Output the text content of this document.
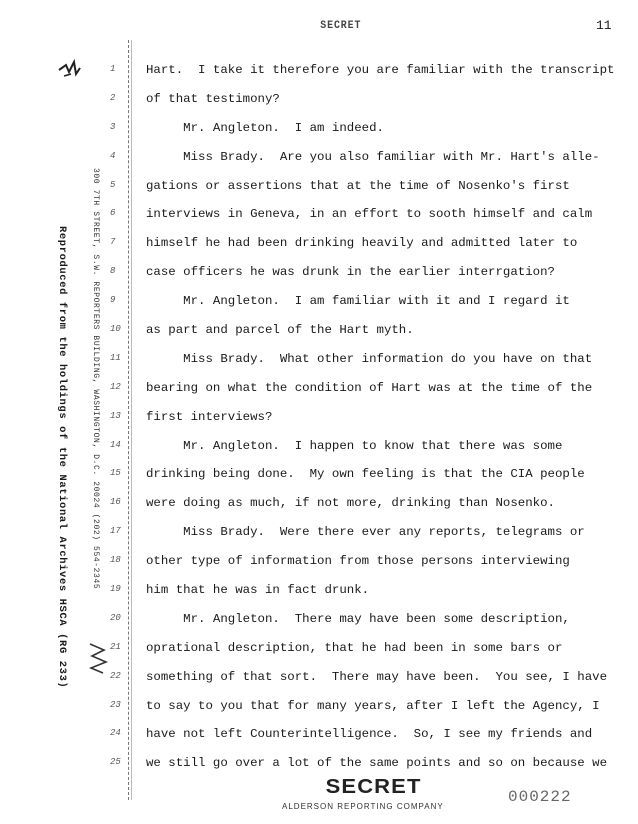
SECRET	11
Reproduced from the holdings of the National Archives HSCA (RG 233)	300 7TH STREET, S.W. REPORTERS BUILDING, WASHINGTON, D.C. 20024 (202) 554-2345
1
2
3
4
5
6
7
8
9
10
11
12
13
14
15
16
17
18
19
20
21
22
23
24
25
Hart.  I take it therefore you are familiar with the transcript
of that testimony?
Mr. Angleton.  I am indeed.
Miss Brady.  Are you also familiar with Mr. Hart's alle-
gations or assertions that at the time of Nosenko's first
interviews in Geneva, in an effort to sooth himself and calm
himself he had been drinking heavily and admitted later to
case officers he was drunk in the earlier interrgation?
Mr. Angleton.  I am familiar with it and I regard it
as part and parcel of the Hart myth.
Miss Brady.  What other information do you have on that
bearing on what the condition of Hart was at the time of the
first interviews?
Mr. Angleton.  I happen to know that there was some
drinking being done.  My own feeling is that the CIA people
were doing as much, if not more, drinking than Nosenko.
Miss Brady.  Were there ever any reports, telegrams or
other type of information from those persons interviewing
him that he was in fact drunk.
Mr. Angleton.  There may have been some description,
oprational description, that he had been in some bars or
something of that sort.  There may have been.  You see, I have
to say to you that for many years, after I left the Agency, I
have not left Counterintelligence.  So, I see my friends and
we still go over a lot of the same points and so on because we
SECRET
ALDERSON REPORTING COMPANY
000222
